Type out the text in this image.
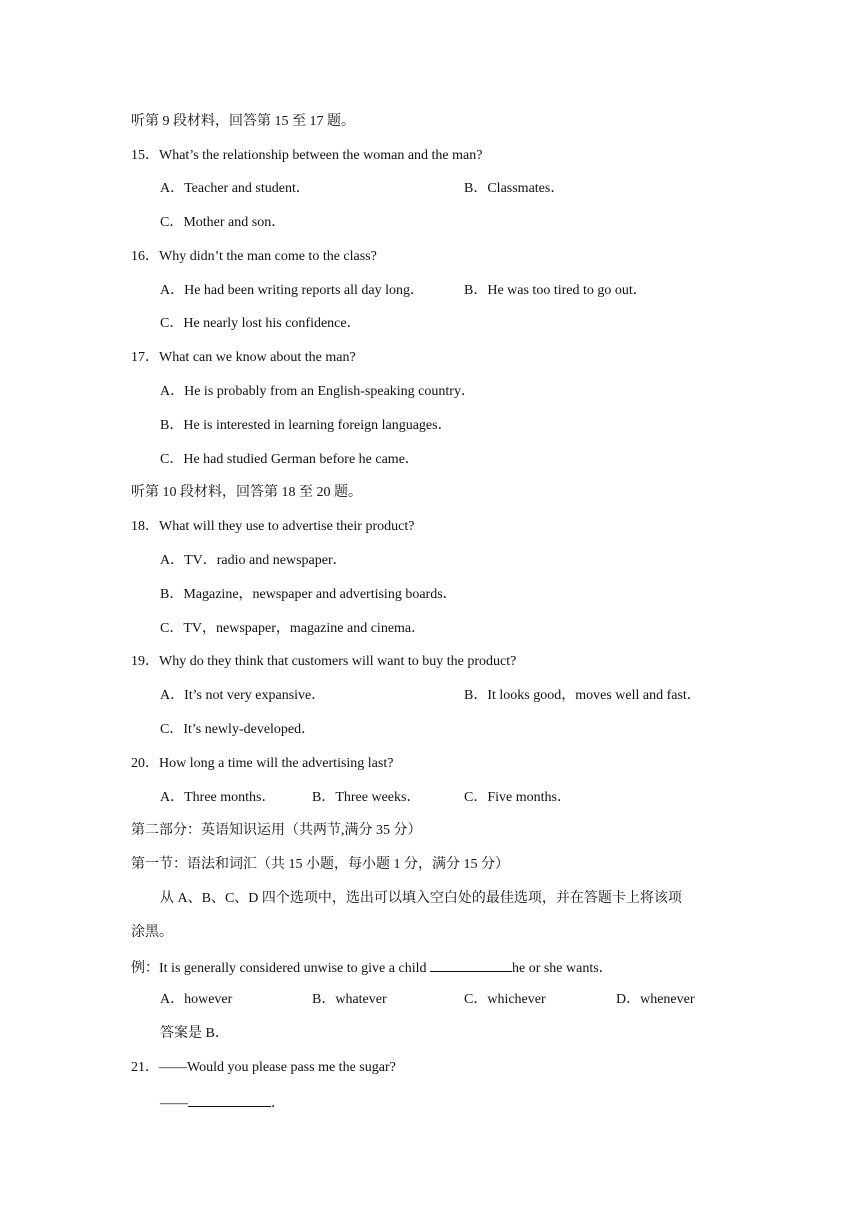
听第 9 段材料，回答第 15 至 17 题。
15．What’s the relationship between the woman and the man?
A．Teacher and student．	B．Classmates．
C．Mother and son．
16．Why didn’t the man come to the class?
A．He had been writing reports all day long．	B．He was too tired to go out．
C．He nearly lost his confidence．
17．What can we know about the man?
A．He is probably from an English-speaking country．
B．He is interested in learning foreign languages．
C．He had studied German before he came．
听第 10 段材料，回答第 18 至 20 题。
18．What will they use to advertise their product?
A．TV．radio and newspaper．
B．Magazine，newspaper and advertising boards．
C．TV，newspaper，magazine and cinema．
19．Why do they think that customers will want to buy the product?
A．It’s not very expansive．	B．It looks good，moves well and fast．
C．It’s newly-developed．
20．How long a time will the advertising last?
A．Three months．	B．Three weeks．	C．Five months．
第二部分：英语知识运用（共两节,满分 35 分）
第一节：语法和词汇（共 15 小题，每小题 1 分，满分 15 分）
从 A、B、C、D 四个选项中，选出可以填入空白处的最佳选项，并在答题卡上将该项
涂黑。
例：It is generally considered unwise to give a child	he or she wants．
A．however	B．whatever	C．whichever	D．whenever
答案是 B．
21．——Would you please pass me the sugar?
——	．
